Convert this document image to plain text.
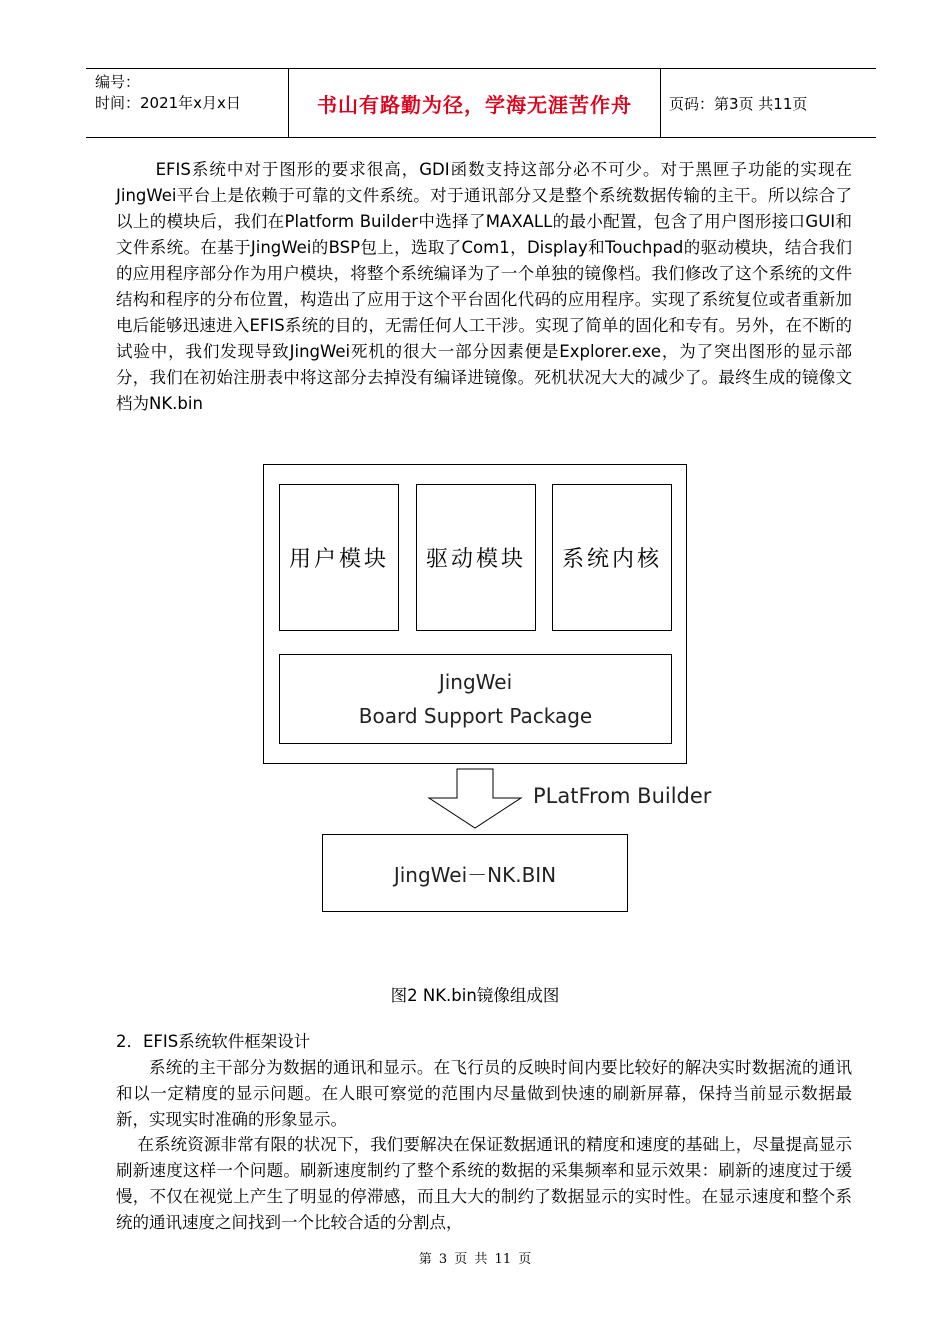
编号：
时间：2021年x月x日	书山有路勤为径，学海无涯苦作舟	页码：第3页 共11页

EFIS系统中对于图形的要求很高，GDI函数支持这部分必不可少。对于黑匣子功能的实现在JingWei平台上是依赖于可靠的文件系统。对于通讯部分又是整个系统数据传输的主干。所以综合了以上的模块后，我们在Platform Builder中选择了MAXALL的最小配置，包含了用户图形接口GUI和文件系统。在基于JingWei的BSP包上，选取了Com1，Display和Touchpad的驱动模块，结合我们的应用程序部分作为用户模块，将整个系统编译为了一个单独的镜像档。我们修改了这个系统的文件结构和程序的分布位置，构造出了应用于这个平台固化代码的应用程序。实现了系统复位或者重新加电后能够迅速进入EFIS系统的目的，无需任何人工干涉。实现了简单的固化和专有。另外，在不断的试验中，我们发现导致JingWei死机的很大一部分因素便是Explorer.exe，为了突出图形的显示部分，我们在初始注册表中将这部分去掉没有编译进镜像。死机状况大大的减少了。最终生成的镜像文档为NK.bin

用户模块	驱动模块	系统内核
JingWei
Board Support Package
PLatFrom Builder
JingWei－NK.BIN
图2 NK.bin镜像组成图
2．EFIS系统软件框架设计

系统的主干部分为数据的通讯和显示。在飞行员的反映时间内要比较好的解决实时数据流的通讯和以一定精度的显示问题。在人眼可察觉的范围内尽量做到快速的刷新屏幕，保持当前显示数据最新，实现实时准确的形象显示。

在系统资源非常有限的状况下，我们要解决在保证数据通讯的精度和速度的基础上，尽量提高显示刷新速度这样一个问题。刷新速度制约了整个系统的数据的采集频率和显示效果：刷新的速度过于缓慢，不仅在视觉上产生了明显的停滞感，而且大大的制约了数据显示的实时性。在显示速度和整个系统的通讯速度之间找到一个比较合适的分割点，

第 3 页 共 11 页
